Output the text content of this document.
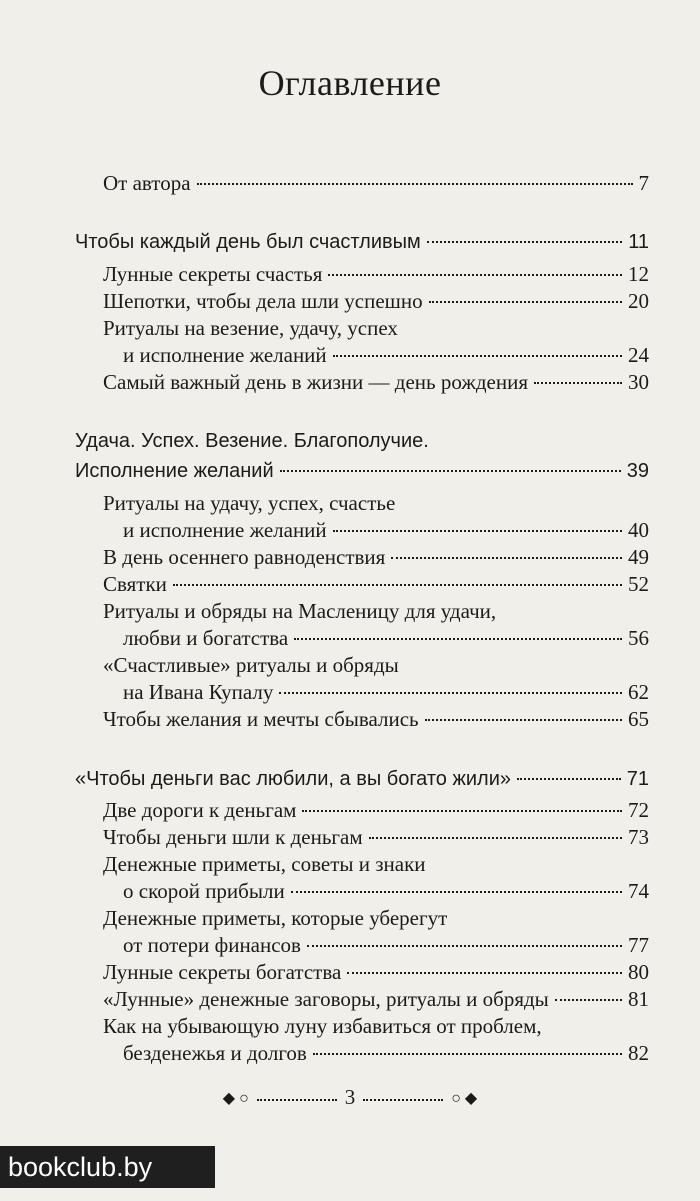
Оглавление
От автора	7
Чтобы каждый день был счастливым	11
Лунные секреты счастья	12
Шепотки, чтобы дела шли успешно	20
Ритуалы на везение, удачу, успех
и исполнение желаний	24
Самый важный день в жизни — день рождения	30
Удача. Успех. Везение. Благополучие.
Исполнение желаний	39
Ритуалы на удачу, успех, счастье
и исполнение желаний	40
В день осеннего равноденствия	49
Святки	52
Ритуалы и обряды на Масленицу для удачи,
любви и богатства	56
«Счастливые» ритуалы и обряды
на Ивана Купалу	62
Чтобы желания и мечты сбывались	65
«Чтобы деньги вас любили, а вы богато жили»	71
Две дороги к деньгам	72
Чтобы деньги шли к деньгам	73
Денежные приметы, советы и знаки
о скорой прибыли	74
Денежные приметы, которые уберегут
от потери финансов	77
Лунные секреты богатства	80
«Лунные» денежные заговоры, ритуалы и обряды	81
Как на убывающую луну избавиться от проблем,
безденежья и долгов	82
◆ ○	3	○ ◆
bookclub.by
